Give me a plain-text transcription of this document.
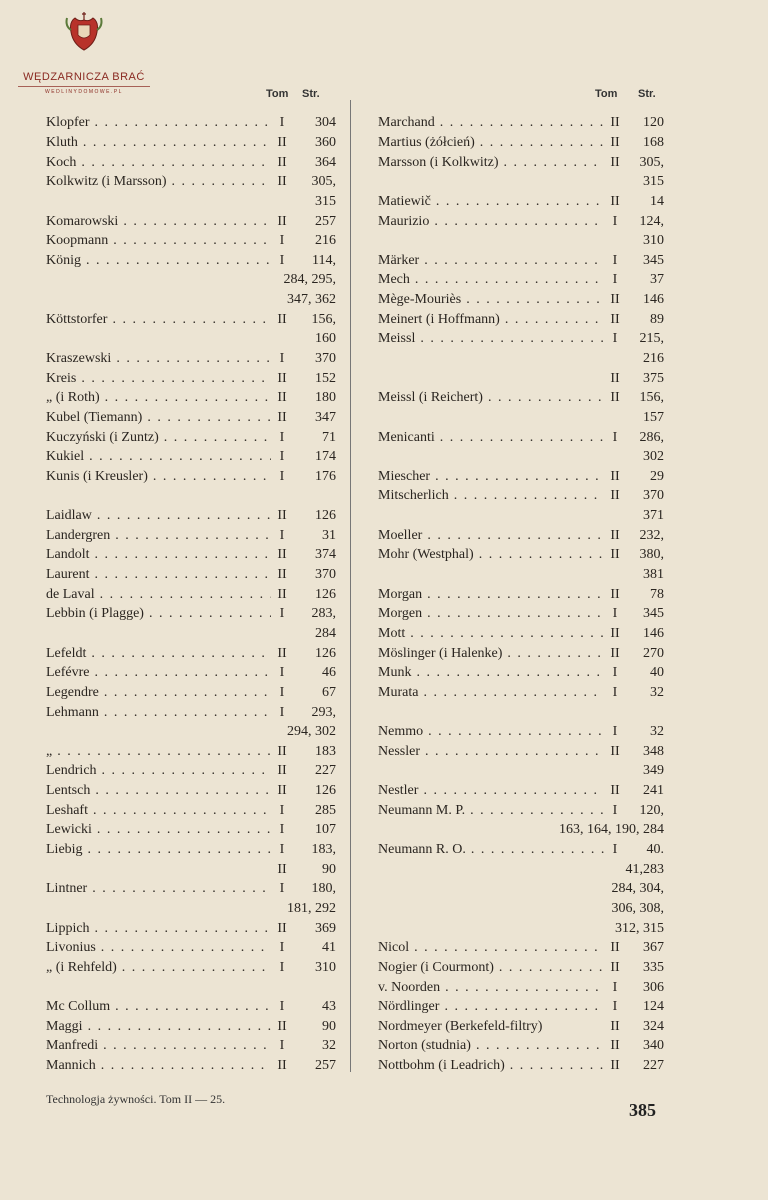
WĘDZARNICZA BRAĆ
WEDLINYDOMOWE.PL	Tom Str.	Tom Str.
Klopfer . . .	I	304
Kluth . . .	II	360
Koch . . .	II	364
Kolkwitz (i Marsson) . . .	II	305,
315
Komarowski . . .	II	257
Koopmann . . .	I	216
König . . .	I	114,
284, 295,
347, 362
Köttstorfer . . .	II	156,
160
Kraszewski . . .	I	370
Kreis . . .	II	152
„ (i Roth) . . .	II	180
Kubel (Tiemann) . . .	II	347
Kuczyński (i Zuntz) . . .	I	71
Kukiel . . .	I	174
Kunis (i Kreusler) . . .	I	176
Laidlaw . . .	II	126
Landergren . . .	I	31
Landolt . . .	II	374
Laurent . . .	II	370
de Laval . . .	II	126
Lebbin (i Plagge) . . .	I	283,
284
Lefeldt . . .	II	126
Lefévre . . .	I	46
Legendre . . .	I	67
Lehmann . . .	I	293,
294, 302
„ . . .	II	183
Lendrich . . .	II	227
Lentsch . . .	II	126
Leshaft . . .	I	285
Lewicki . . .	I	107
Liebig . . .	I	183,
II	90
Lintner . . .	I	180,
181, 292
Lippich . . .	II	369
Livonius . . .	I	41
„ (i Rehfeld) . . .	I	310
Mc Collum . . .	I	43
Maggi . . .	II	90
Manfredi . . .	I	32
Mannich . . .	II	257
Marchand . . .	II	120
Martius (żółcień) . . .	II	168
Marsson (i Kolkwitz) . . .	II	305,
315
Matiewič . . .	II	14
Maurizio . . .	I	124,
310
Märker . . .	I	345
Mech . . .	I	37
Mège-Mouriès . . .	II	146
Meinert (i Hoffmann) . . .	II	89
Meissl . . .	I	215,
216
II	375
Meissl (i Reichert) . . .	II	156,
157
Menicanti . . .	I	286,
302
Miescher . . .	II	29
Mitscherlich . . .	II	370
371
Moeller . . .	II	232,
Mohr (Westphal) . . .	II	380,
381
Morgan . . .	II	78
Morgen . . .	I	345
Mott . . .	II	146
Möslinger (i Halenke) . . .	II	270
Munk . . .	I	40
Murata . . .	I	32
Nemmo . . .	I	32
Nessler . . .	II	348
349
Nestler . . .	II	241
Neumann M. P. . . .	I	120,
163, 164, 190, 284
Neumann R. O. . . .	I	40.
41,283
284, 304,
306, 308,
312, 315
Nicol . . .	II	367
Nogier (i Courmont) . . .	II	335
v. Noorden . . .	I	306
Nördlinger . . .	I	124
Nordmeyer (Berkefeld-filtry)	II	324
Norton (studnia) . . .	II	340
Nottbohm (i Leadrich) . . .	II	227
Technologja żywności. Tom II — 25.
385
